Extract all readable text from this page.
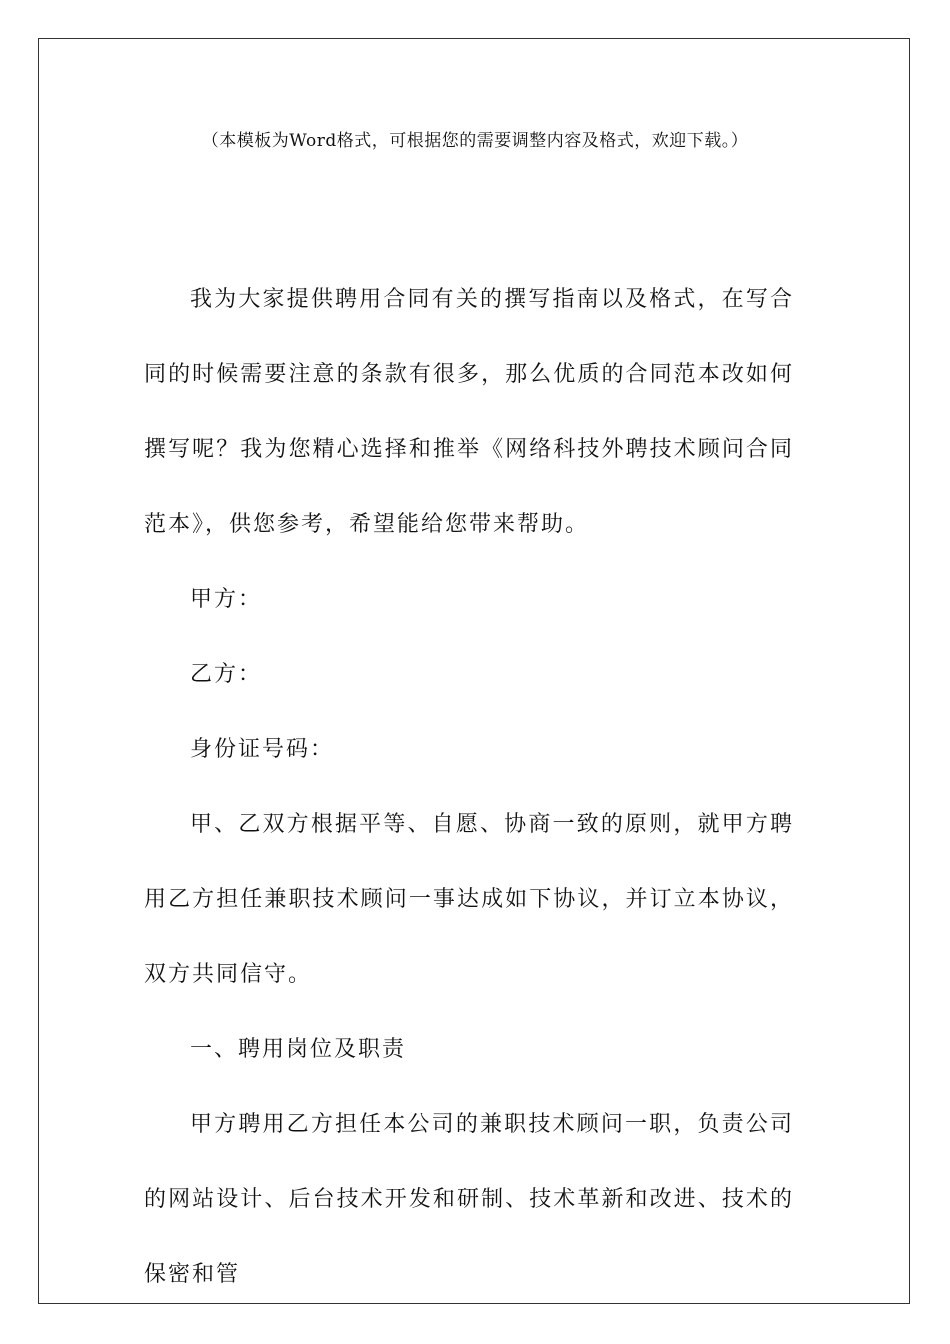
（本模板为Word格式，可根据您的需要调整内容及格式，欢迎下载。）

我为大家提供聘用合同有关的撰写指南以及格式，在写合同的时候需要注意的条款有很多，那么优质的合同范本改如何撰写呢？我为您精心选择和推举《网络科技外聘技术顾问合同范本》，供您参考，希望能给您带来帮助。

甲方：

乙方：

身份证号码：

甲、乙双方根据平等、自愿、协商一致的原则，就甲方聘用乙方担任兼职技术顾问一事达成如下协议，并订立本协议，双方共同信守。

一、聘用岗位及职责

甲方聘用乙方担任本公司的兼职技术顾问一职，负责公司的网站设计、后台技术开发和研制、技术革新和改进、技术的保密和管
